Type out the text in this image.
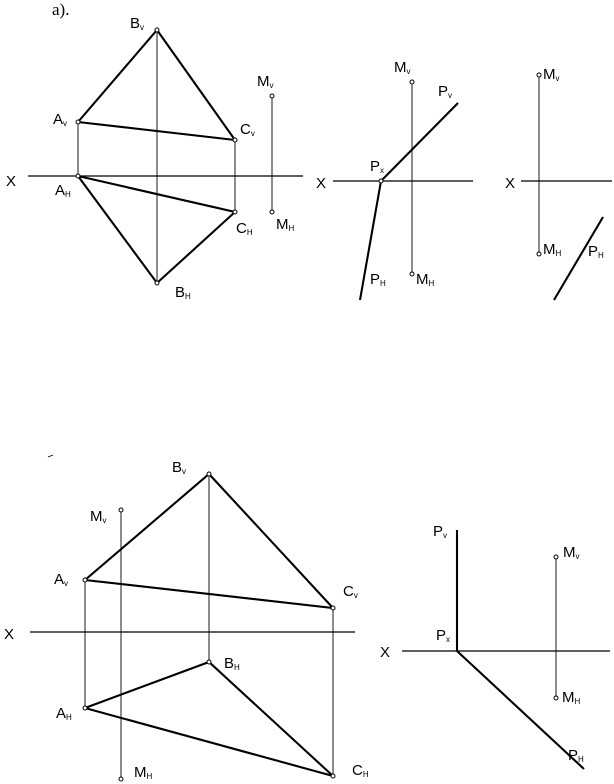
а).
X
Av
Bv
Cv
Mv
AH
BH
CH MH
X
Mv
Pv
Px
PH MH
X
Mv
MH PH
X
Av
Bv
Cv
Mv
AH
BH
CH
MH
X
Pv
Px
Mv
MH
PH
